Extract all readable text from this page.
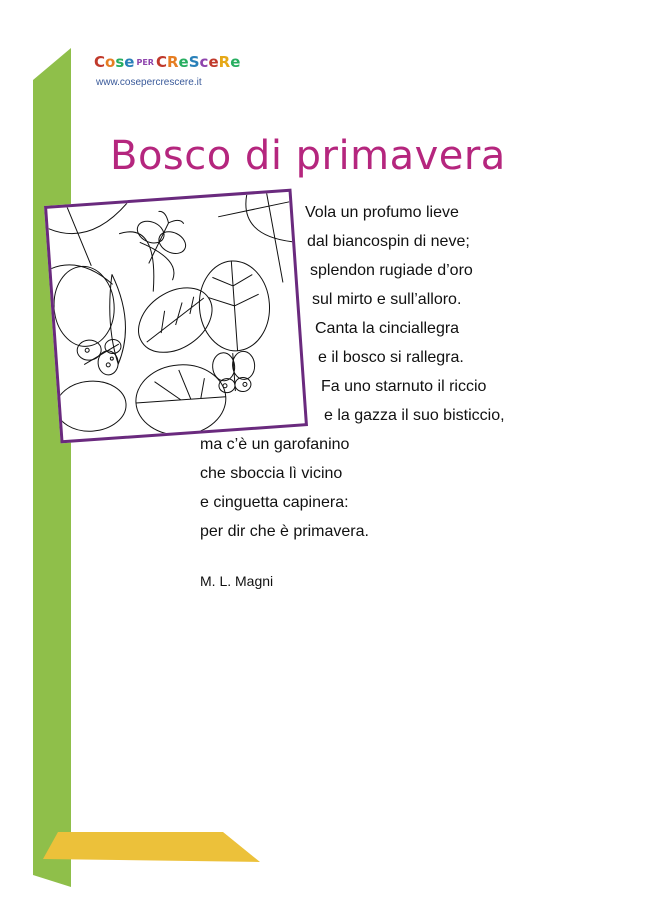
Cose PER CReSceRe
www.cosepercrescere.it
Bosco di primavera
Vola un profumo lieve
dal biancospin di neve;
splendon rugiade d’oro
sul mirto e sull’alloro.
Canta la cinciallegra
e il bosco si rallegra.
Fa uno starnuto il riccio
e la gazza il suo bisticcio,
ma c’è un garofanino
che sboccia lì vicino
e cinguetta capinera:
per dir che è primavera.
M. L. Magni
